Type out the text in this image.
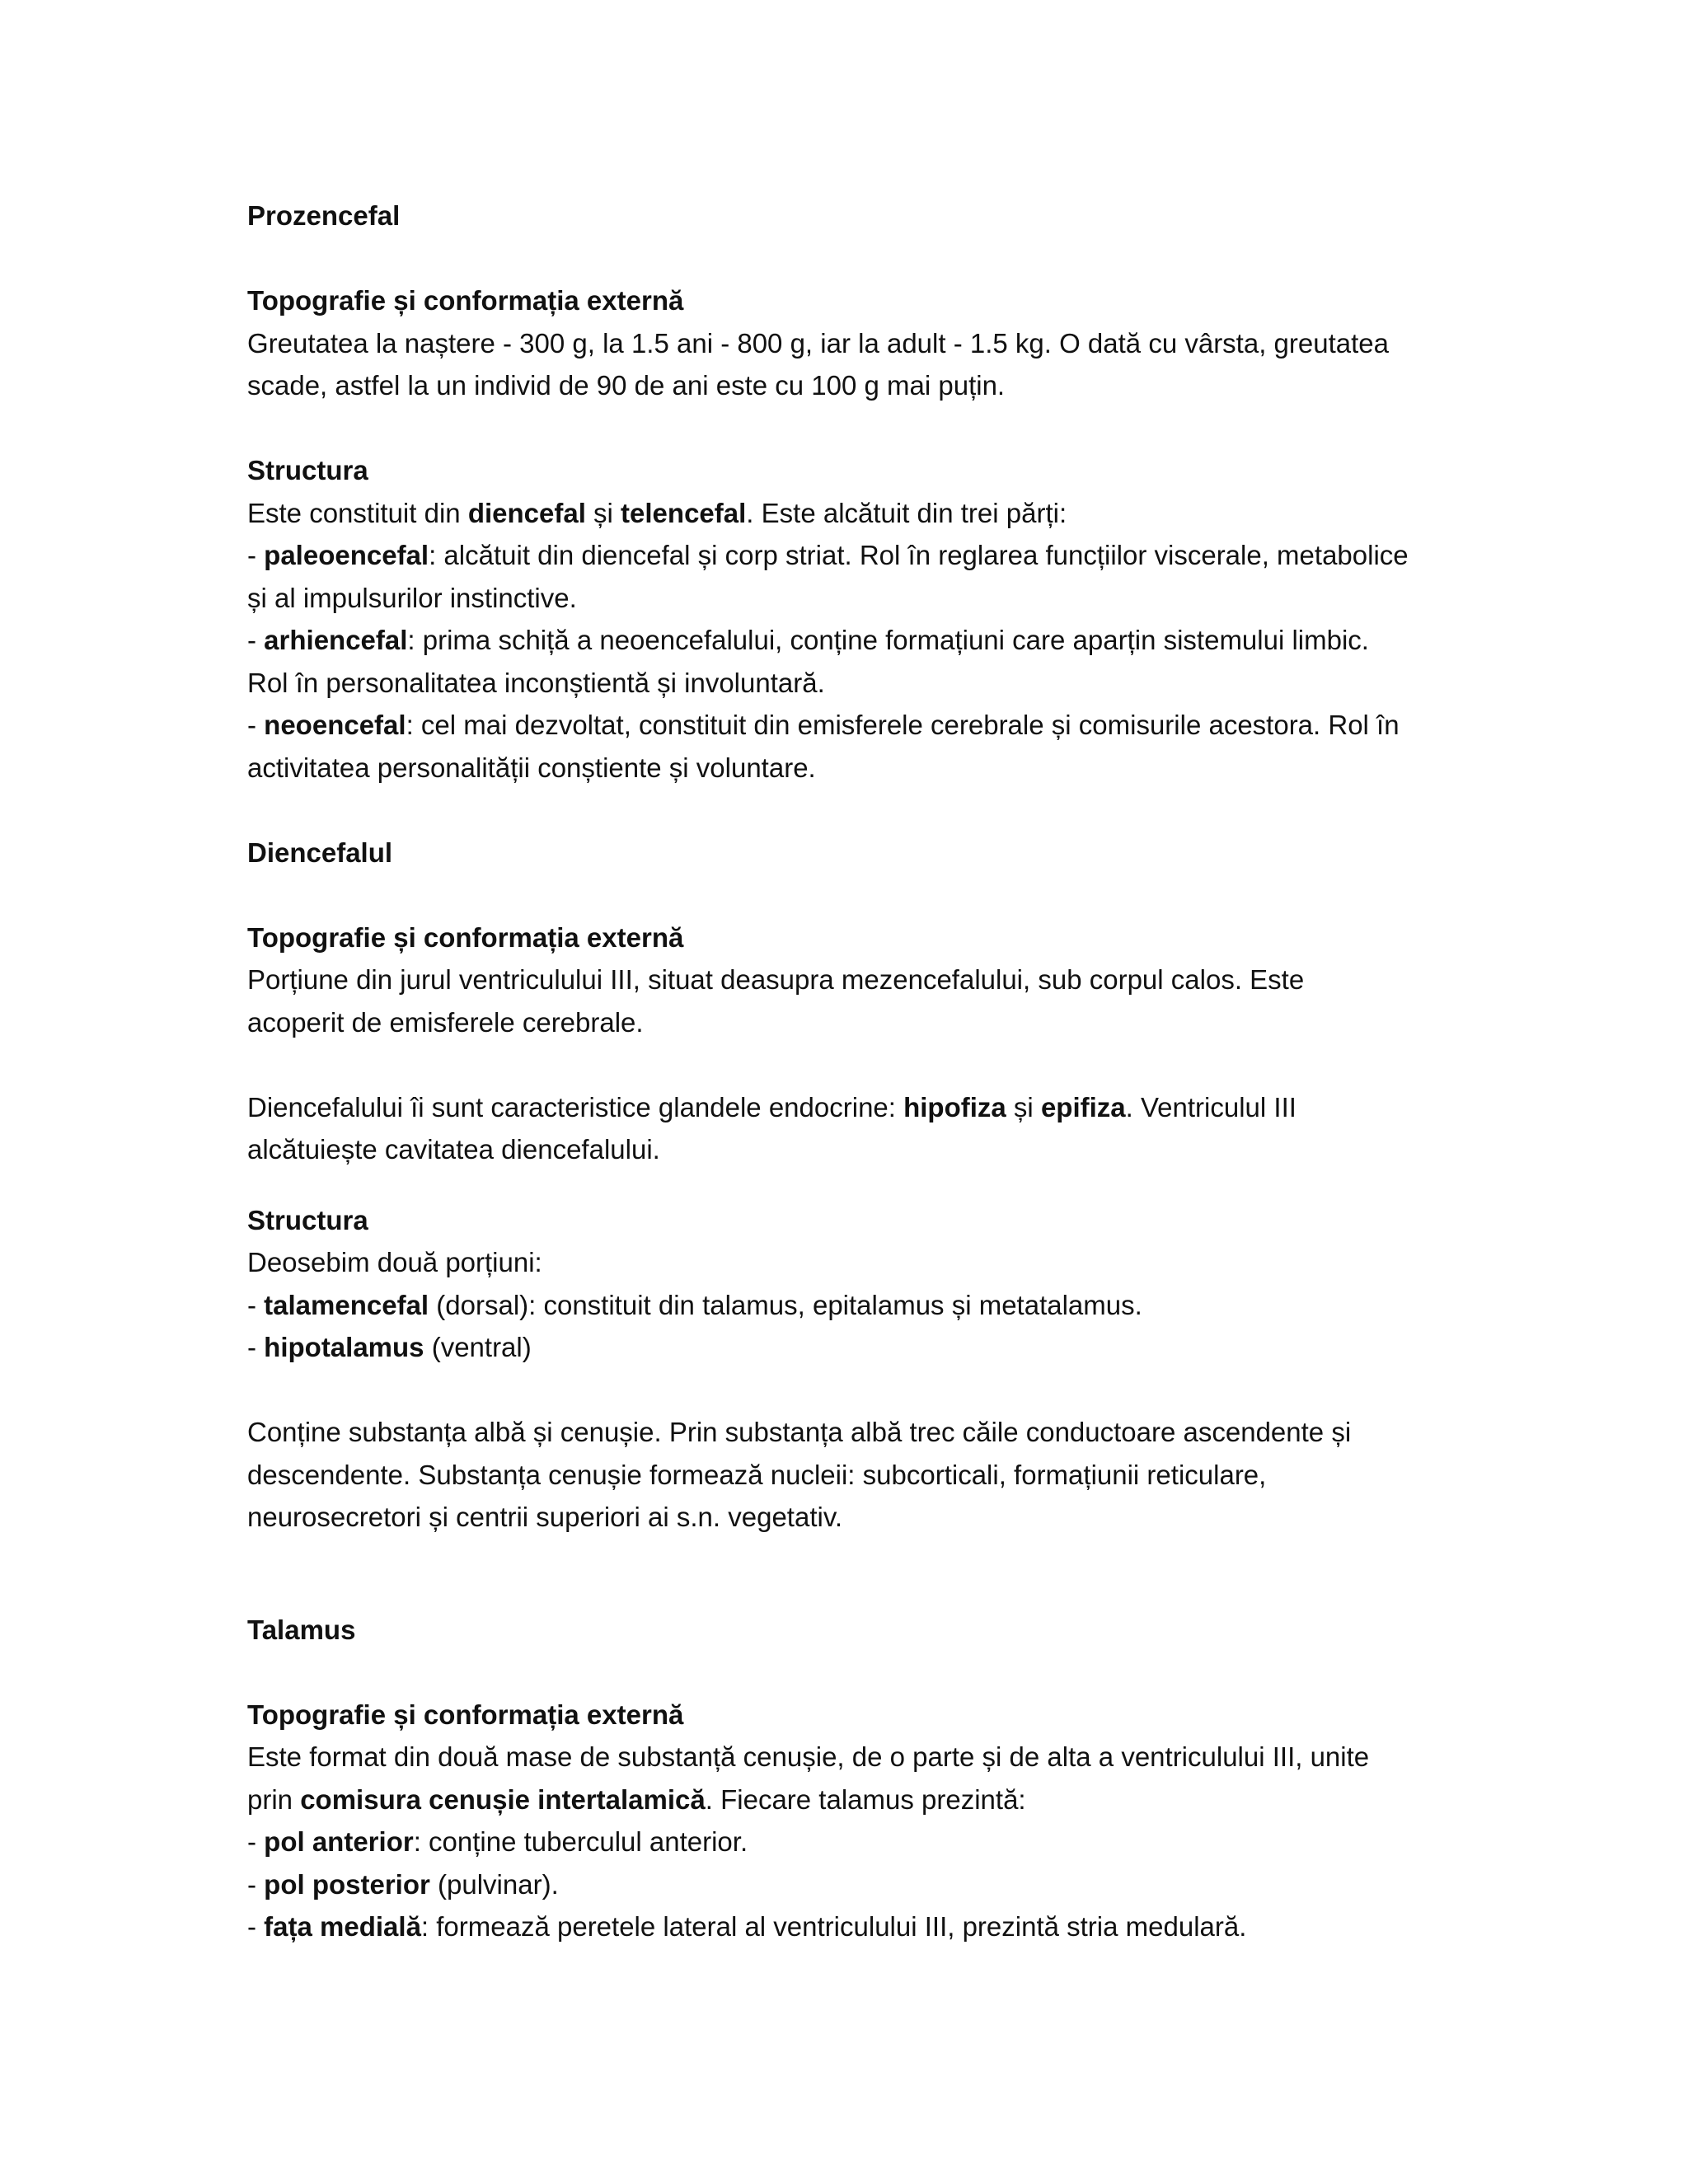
Prozencefal
Topografie și conformația externă
Greutatea la naștere - 300 g, la 1.5 ani - 800 g, iar la adult - 1.5 kg. O dată cu vârsta, greutatea
scade, astfel la un individ de 90 de ani este cu 100 g mai puțin.
Structura
Este constituit din diencefal și telencefal. Este alcătuit din trei părți:
- paleoencefal: alcătuit din diencefal și corp striat. Rol în reglarea funcțiilor viscerale, metabolice
și al impulsurilor instinctive.
- arhiencefal: prima schiță a neoencefalului, conține formațiuni care aparțin sistemului limbic.
Rol în personalitatea inconștientă și involuntară.
- neoencefal: cel mai dezvoltat, constituit din emisferele cerebrale și comisurile acestora. Rol în
activitatea personalității conștiente și voluntare.
Diencefalul
Topografie și conformația externă
Porțiune din jurul ventriculului III, situat deasupra mezencefalului, sub corpul calos. Este
acoperit de emisferele cerebrale.
Diencefalului îi sunt caracteristice glandele endocrine: hipofiza și epifiza. Ventriculul III
alcătuiește cavitatea diencefalului.
Structura
Deosebim două porțiuni:
- talamencefal (dorsal): constituit din talamus, epitalamus și metatalamus.
- hipotalamus (ventral)
Conține substanța albă și cenușie. Prin substanța albă trec căile conductoare ascendente și
descendente. Substanța cenușie formează nucleii: subcorticali, formațiunii reticulare,
neurosecretori și centrii superiori ai s.n. vegetativ.
Talamus
Topografie și conformația externă
Este format din două mase de substanță cenușie, de o parte și de alta a ventriculului III, unite
prin comisura cenușie intertalamică. Fiecare talamus prezintă:
- pol anterior: conține tuberculul anterior.
- pol posterior (pulvinar).
- fața medială: formează peretele lateral al ventriculului III, prezintă stria medulară.
